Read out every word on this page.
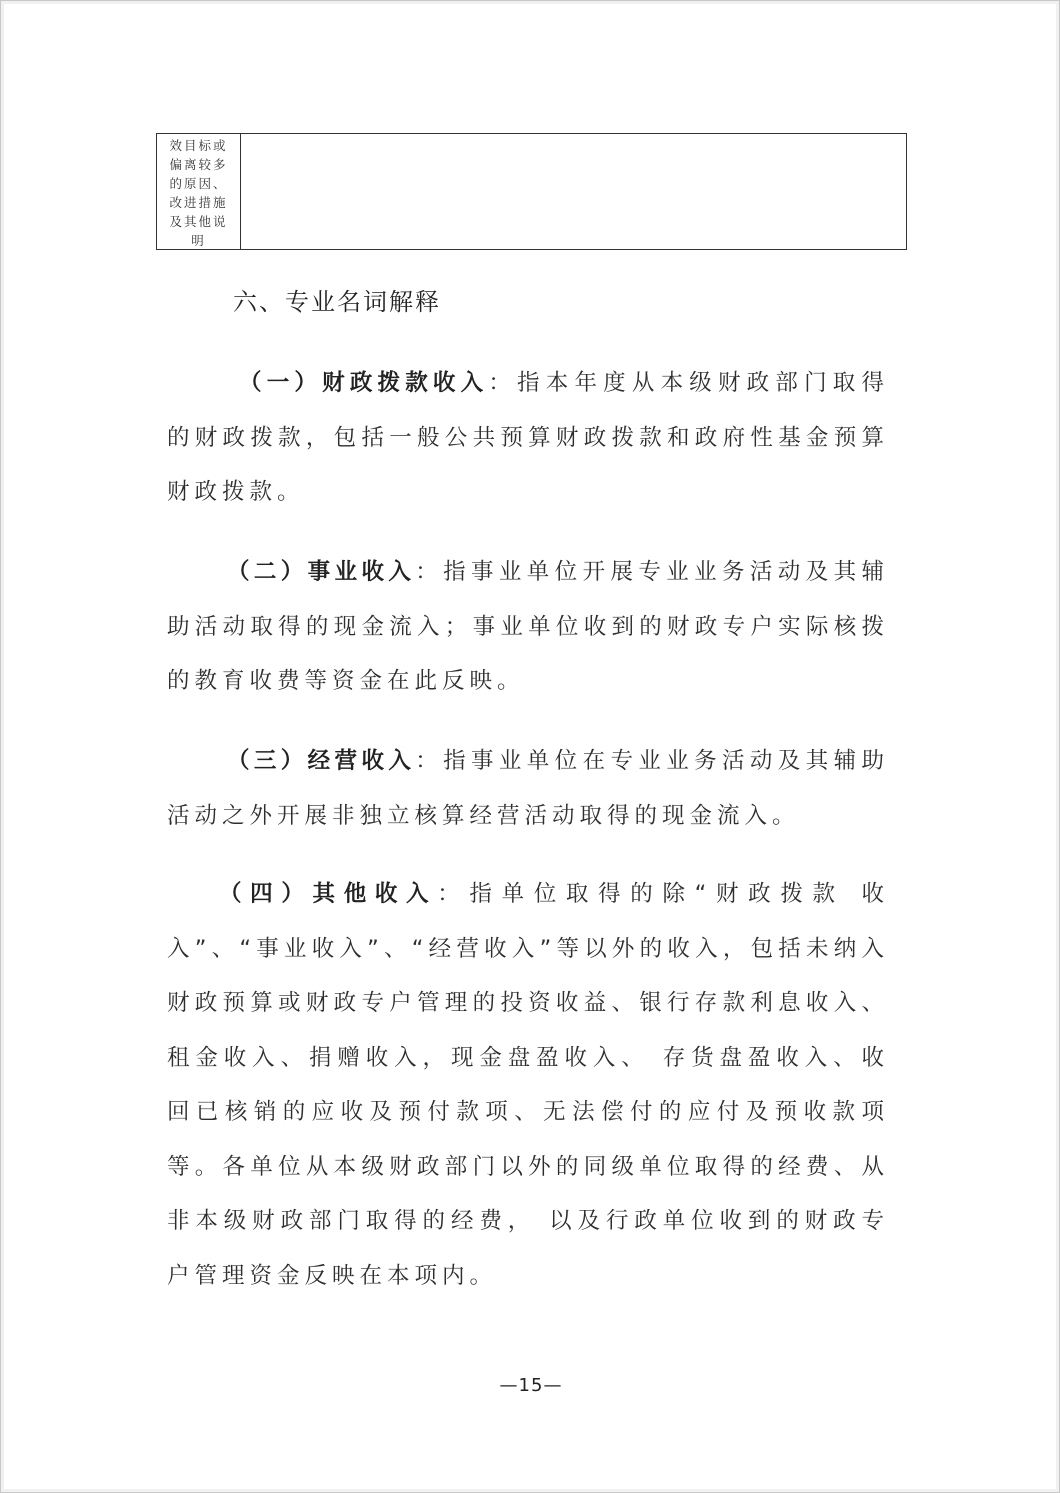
效目标或
偏离较多
的原因、
改进措施
及其他说
明
六、专业名词解释

（一）财政拨款收入：指本年度从本级财政部门取得的财政拨款，包括一般公共预算财政拨款和政府性基金预算财政拨款。

（二）事业收入：指事业单位开展专业业务活动及其辅助活动取得的现金流入；事业单位收到的财政专户实际核拨的教育收费等资金在此反映。

（三）经营收入：指事业单位在专业业务活动及其辅助活动之外开展非独立核算经营活动取得的现金流入。

（四）其他收入：指单位取得的除“财政拨款 收入”、“事业收入”、“经营收入”等以外的收入，包括未纳入财政预算或财政专户管理的投资收益、银行存款利息收入、租金收入、捐赠收入，现金盘盈收入、 存货盘盈收入、收回已核销的应收及预付款项、无法偿付的应付及预收款项等。各单位从本级财政部门以外的同级单位取得的经费、从非本级财政部门取得的经费， 以及行政单位收到的财政专户管理资金反映在本项内。

—15—
